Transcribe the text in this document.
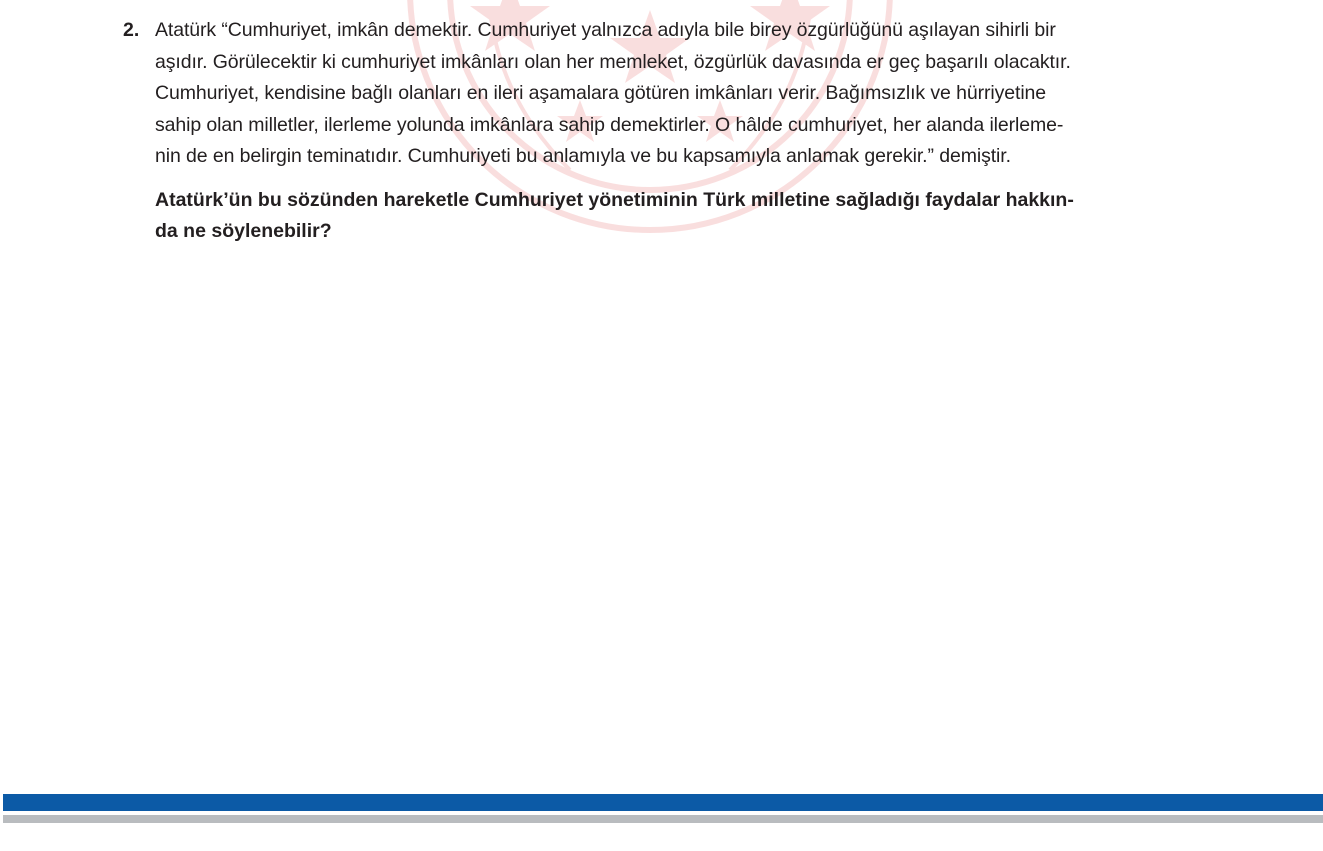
2. Atatürk “Cumhuriyet, imkân demektir. Cumhuriyet yalnızca adıyla bile birey özgürlüğünü aşılayan sihirli bir
aşıdır. Görülecektir ki cumhuriyet imkânları olan her memleket, özgürlük davasında er geç başarılı olacaktır.
Cumhuriyet, kendisine bağlı olanları en ileri aşamalara götüren imkânları verir. Bağımsızlık ve hürriyetine
sahip olan milletler, ilerleme yolunda imkânlara sahip demektirler. O hâlde cumhuriyet, her alanda ilerleme-
nin de en belirgin teminatıdır. Cumhuriyeti bu anlamıyla ve bu kapsamıyla anlamak gerekir.” demiştir.
Atatürk’ün bu sözünden hareketle Cumhuriyet yönetiminin Türk milletine sağladığı faydalar hakkın-
da ne söylenebilir?
